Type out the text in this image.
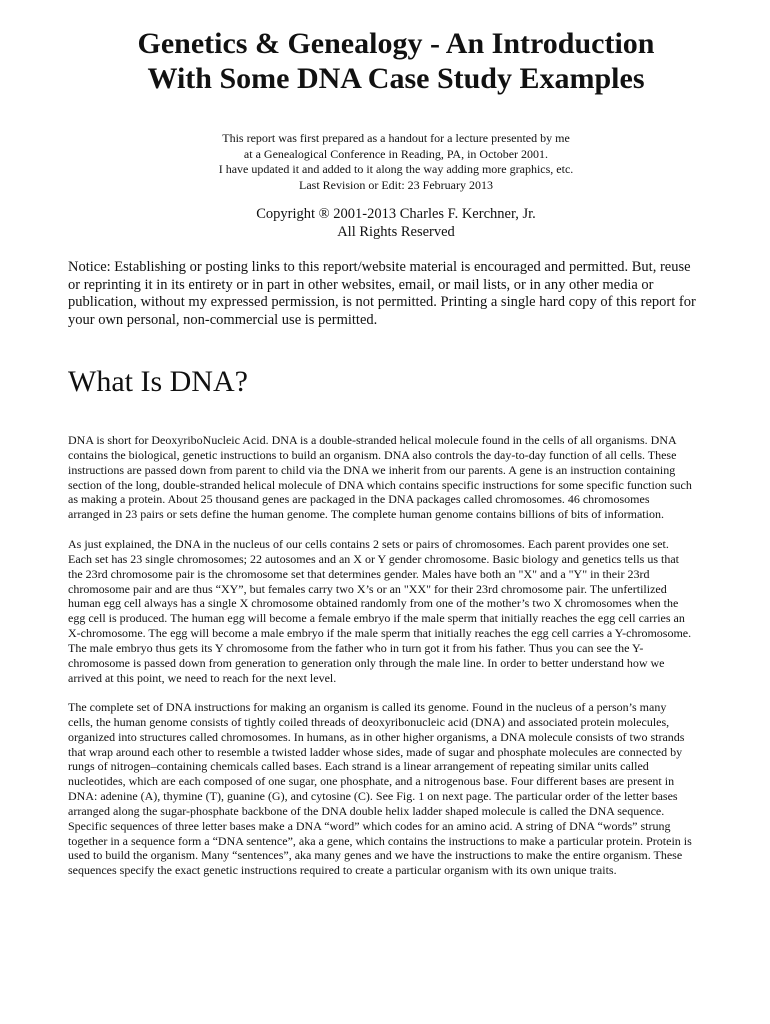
Genetics & Genealogy - An Introduction
With Some DNA Case Study Examples
This report was first prepared as a handout for a lecture presented by me
at a Genealogical Conference in Reading, PA, in October 2001.
I have updated it and added to it along the way adding more graphics, etc.
Last Revision or Edit: 23 February 2013
Copyright ® 2001-2013 Charles F. Kerchner, Jr.
All Rights Reserved
Notice: Establishing or posting links to this report/website material is encouraged and permitted. But, reuse
or reprinting it in its entirety or in part in other websites, email, or mail lists, or in any other media or
publication, without my expressed permission, is not permitted. Printing a single hard copy of this report for
your own personal, non-commercial use is permitted.
What Is DNA?
DNA is short for DeoxyriboNucleic Acid. DNA is a double-stranded helical molecule found in the cells of all organisms. DNA
contains the biological, genetic instructions to build an organism. DNA also controls the day-to-day function of all cells. These
instructions are passed down from parent to child via the DNA we inherit from our parents. A gene is an instruction containing
section of the long, double-stranded helical molecule of DNA which contains specific instructions for some specific function such
as making a protein. About 25 thousand genes are packaged in the DNA packages called chromosomes. 46 chromosomes
arranged in 23 pairs or sets define the human genome. The complete human genome contains billions of bits of information.
As just explained, the DNA in the nucleus of our cells contains 2 sets or pairs of chromosomes. Each parent provides one set.
Each set has 23 single chromosomes; 22 autosomes and an X or Y gender chromosome. Basic biology and genetics tells us that
the 23rd chromosome pair is the chromosome set that determines gender. Males have both an "X" and a "Y" in their 23rd
chromosome pair and are thus “XY”, but females carry two X’s or an "XX" for their 23rd chromosome pair. The unfertilized
human egg cell always has a single X chromosome obtained randomly from one of the mother’s two X chromosomes when the
egg cell is produced. The human egg will become a female embryo if the male sperm that initially reaches the egg cell carries an
X-chromosome. The egg will become a male embryo if the male sperm that initially reaches the egg cell carries a Y-chromosome.
The male embryo thus gets its Y chromosome from the father who in turn got it from his father. Thus you can see the Y-
chromosome is passed down from generation to generation only through the male line. In order to better understand how we
arrived at this point, we need to reach for the next level.
The complete set of DNA instructions for making an organism is called its genome. Found in the nucleus of a person’s many
cells, the human genome consists of tightly coiled threads of deoxyribonucleic acid (DNA) and associated protein molecules,
organized into structures called chromosomes. In humans, as in other higher organisms, a DNA molecule consists of two strands
that wrap around each other to resemble a twisted ladder whose sides, made of sugar and phosphate molecules are connected by
rungs of nitrogen–containing chemicals called bases. Each strand is a linear arrangement of repeating similar units called
nucleotides, which are each composed of one sugar, one phosphate, and a nitrogenous base. Four different bases are present in
DNA: adenine (A), thymine (T), guanine (G), and cytosine (C). See Fig. 1 on next page. The particular order of the letter bases
arranged along the sugar-phosphate backbone of the DNA double helix ladder shaped molecule is called the DNA sequence.
Specific sequences of three letter bases make a DNA “word” which codes for an amino acid. A string of DNA “words” strung
together in a sequence form a “DNA sentence”, aka a gene, which contains the instructions to make a particular protein. Protein is
used to build the organism. Many “sentences”, aka many genes and we have the instructions to make the entire organism. These
sequences specify the exact genetic instructions required to create a particular organism with its own unique traits.
